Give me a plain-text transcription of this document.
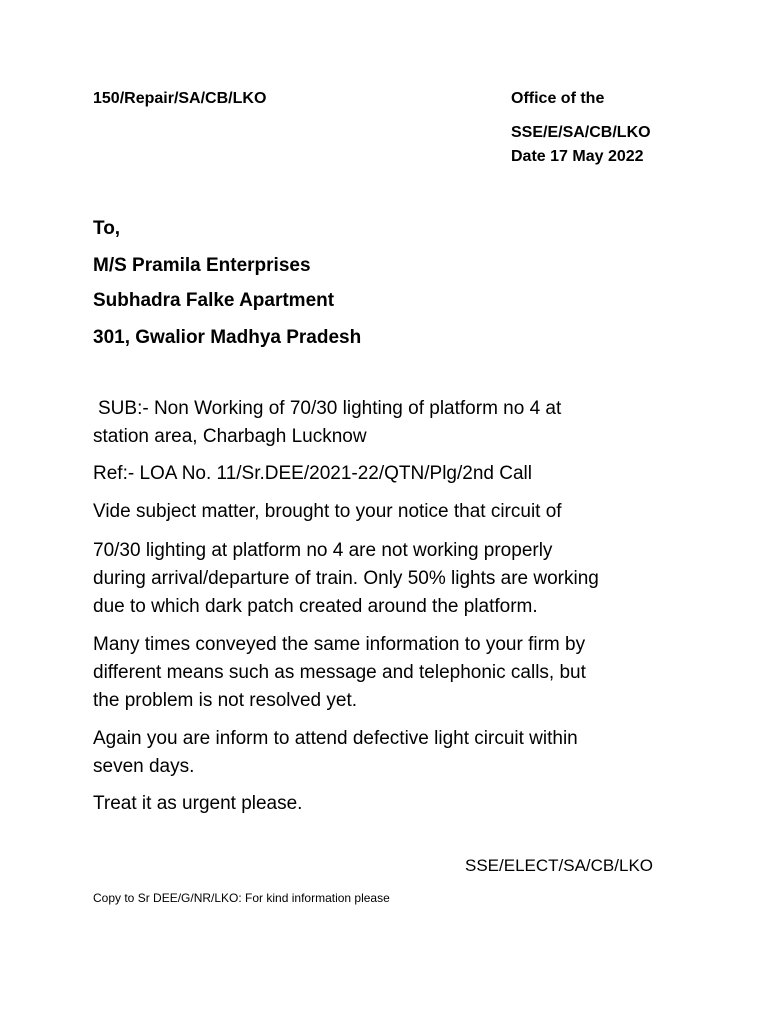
150/Repair/SA/CB/LKO	Office of the
SSE/E/SA/CB/LKO
Date 17 May 2022
To,
M/S Pramila Enterprises
Subhadra Falke Apartment
301, Gwalior Madhya Pradesh
SUB:- Non Working of 70/30 lighting of platform no 4 at
station area, Charbagh Lucknow
Ref:- LOA No. 11/Sr.DEE/2021-22/QTN/Plg/2nd Call
Vide subject matter, brought to your notice that circuit of
70/30 lighting at platform no 4 are not working properly
during arrival/departure of train. Only 50% lights are working
due to which dark patch created around the platform.
Many times conveyed the same information to your firm by
different means such as message and telephonic calls, but
the problem is not resolved yet.
Again you are inform to attend defective light circuit within
seven days.
Treat it as urgent please.
SSE/ELECT/SA/CB/LKO
Copy to Sr DEE/G/NR/LKO: For kind information please
